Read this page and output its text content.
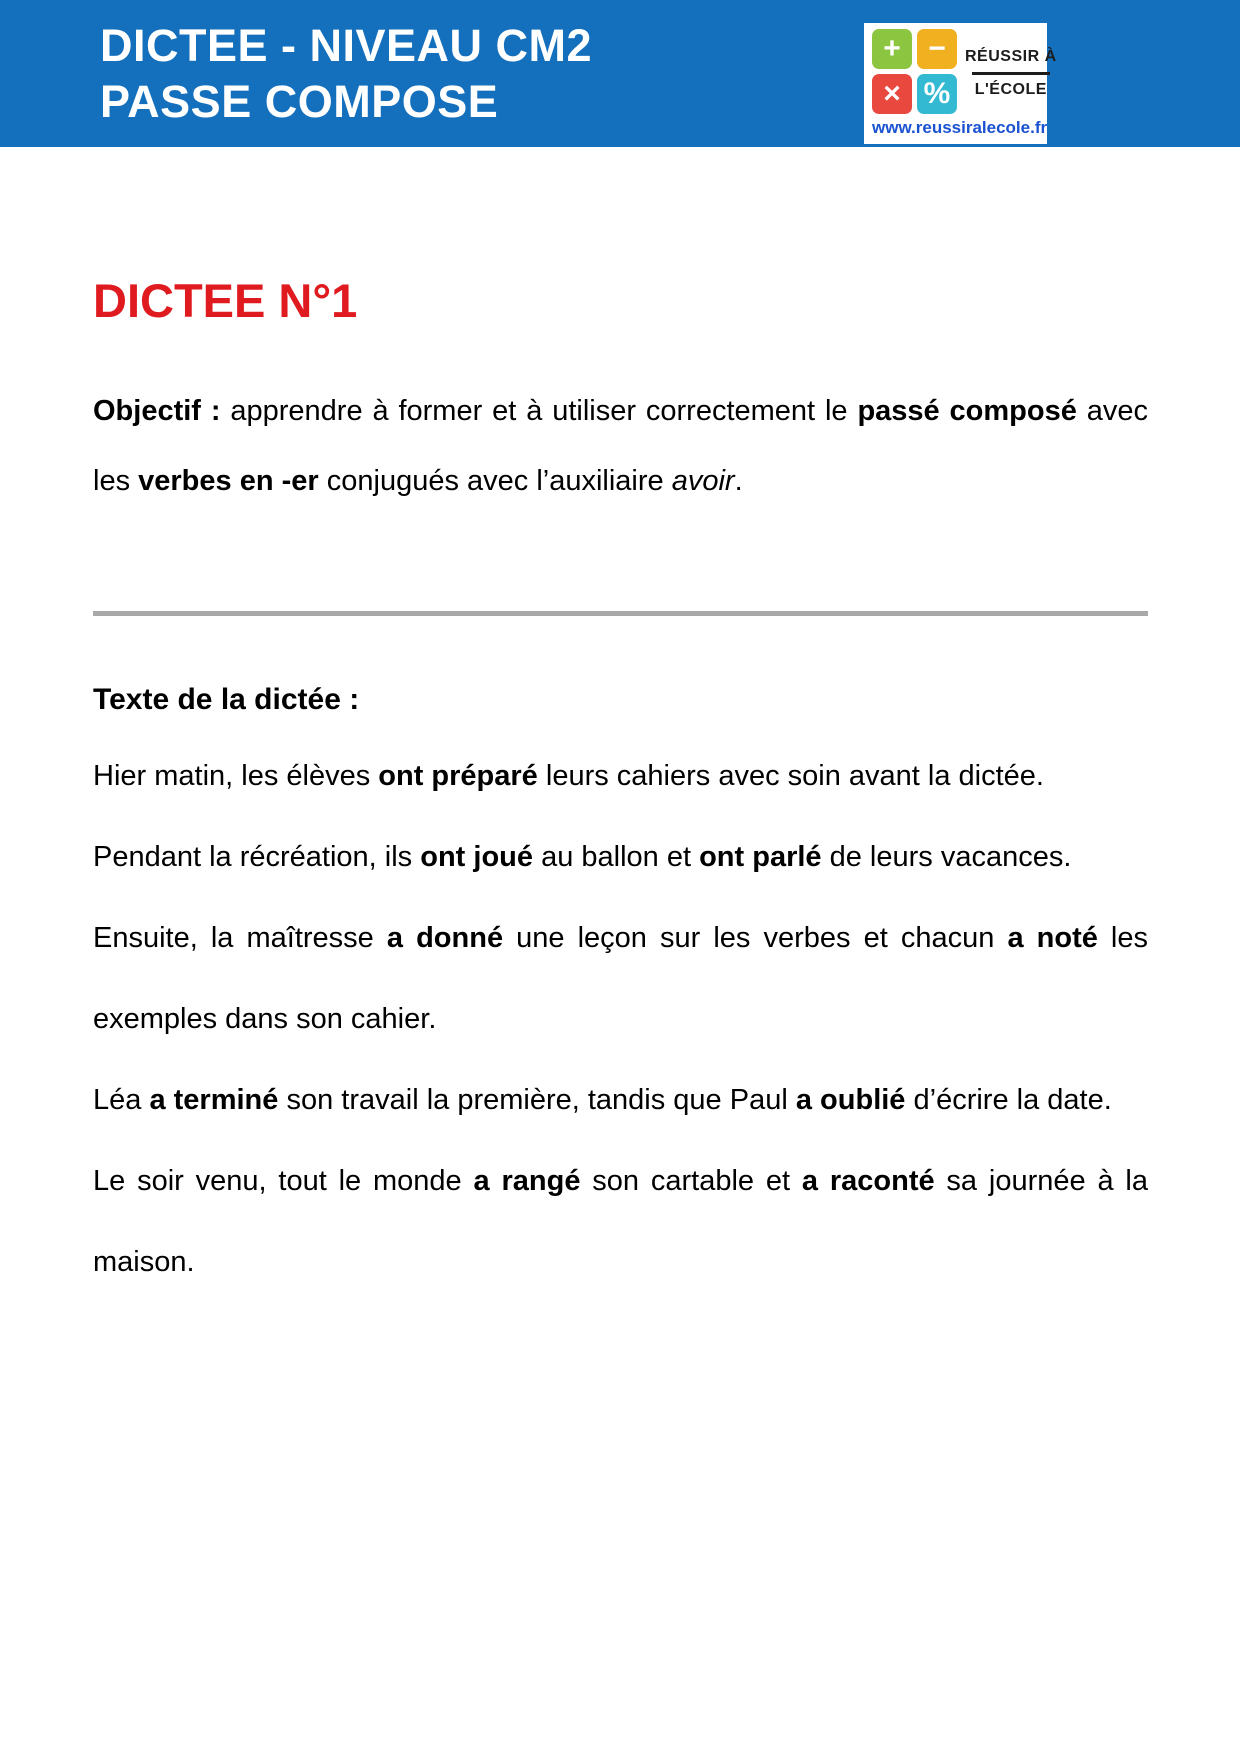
DICTEE - NIVEAU CM2
PASSE COMPOSE
+ −
× %
RÉUSSIR À
L'ÉCOLE
www.reussiralecole.fr
DICTEE N°1

Objectif : apprendre à former et à utiliser correctement le passé composé avec les verbes en -er conjugués avec l’auxiliaire avoir.

Texte de la dictée :

Hier matin, les élèves ont préparé leurs cahiers avec soin avant la dictée.

Pendant la récréation, ils ont joué au ballon et ont parlé de leurs vacances.

Ensuite, la maîtresse a donné une leçon sur les verbes et chacun a noté les exemples dans son cahier.

Léa a terminé son travail la première, tandis que Paul a oublié d’écrire la date.

Le soir venu, tout le monde a rangé son cartable et a raconté sa journée à la maison.
